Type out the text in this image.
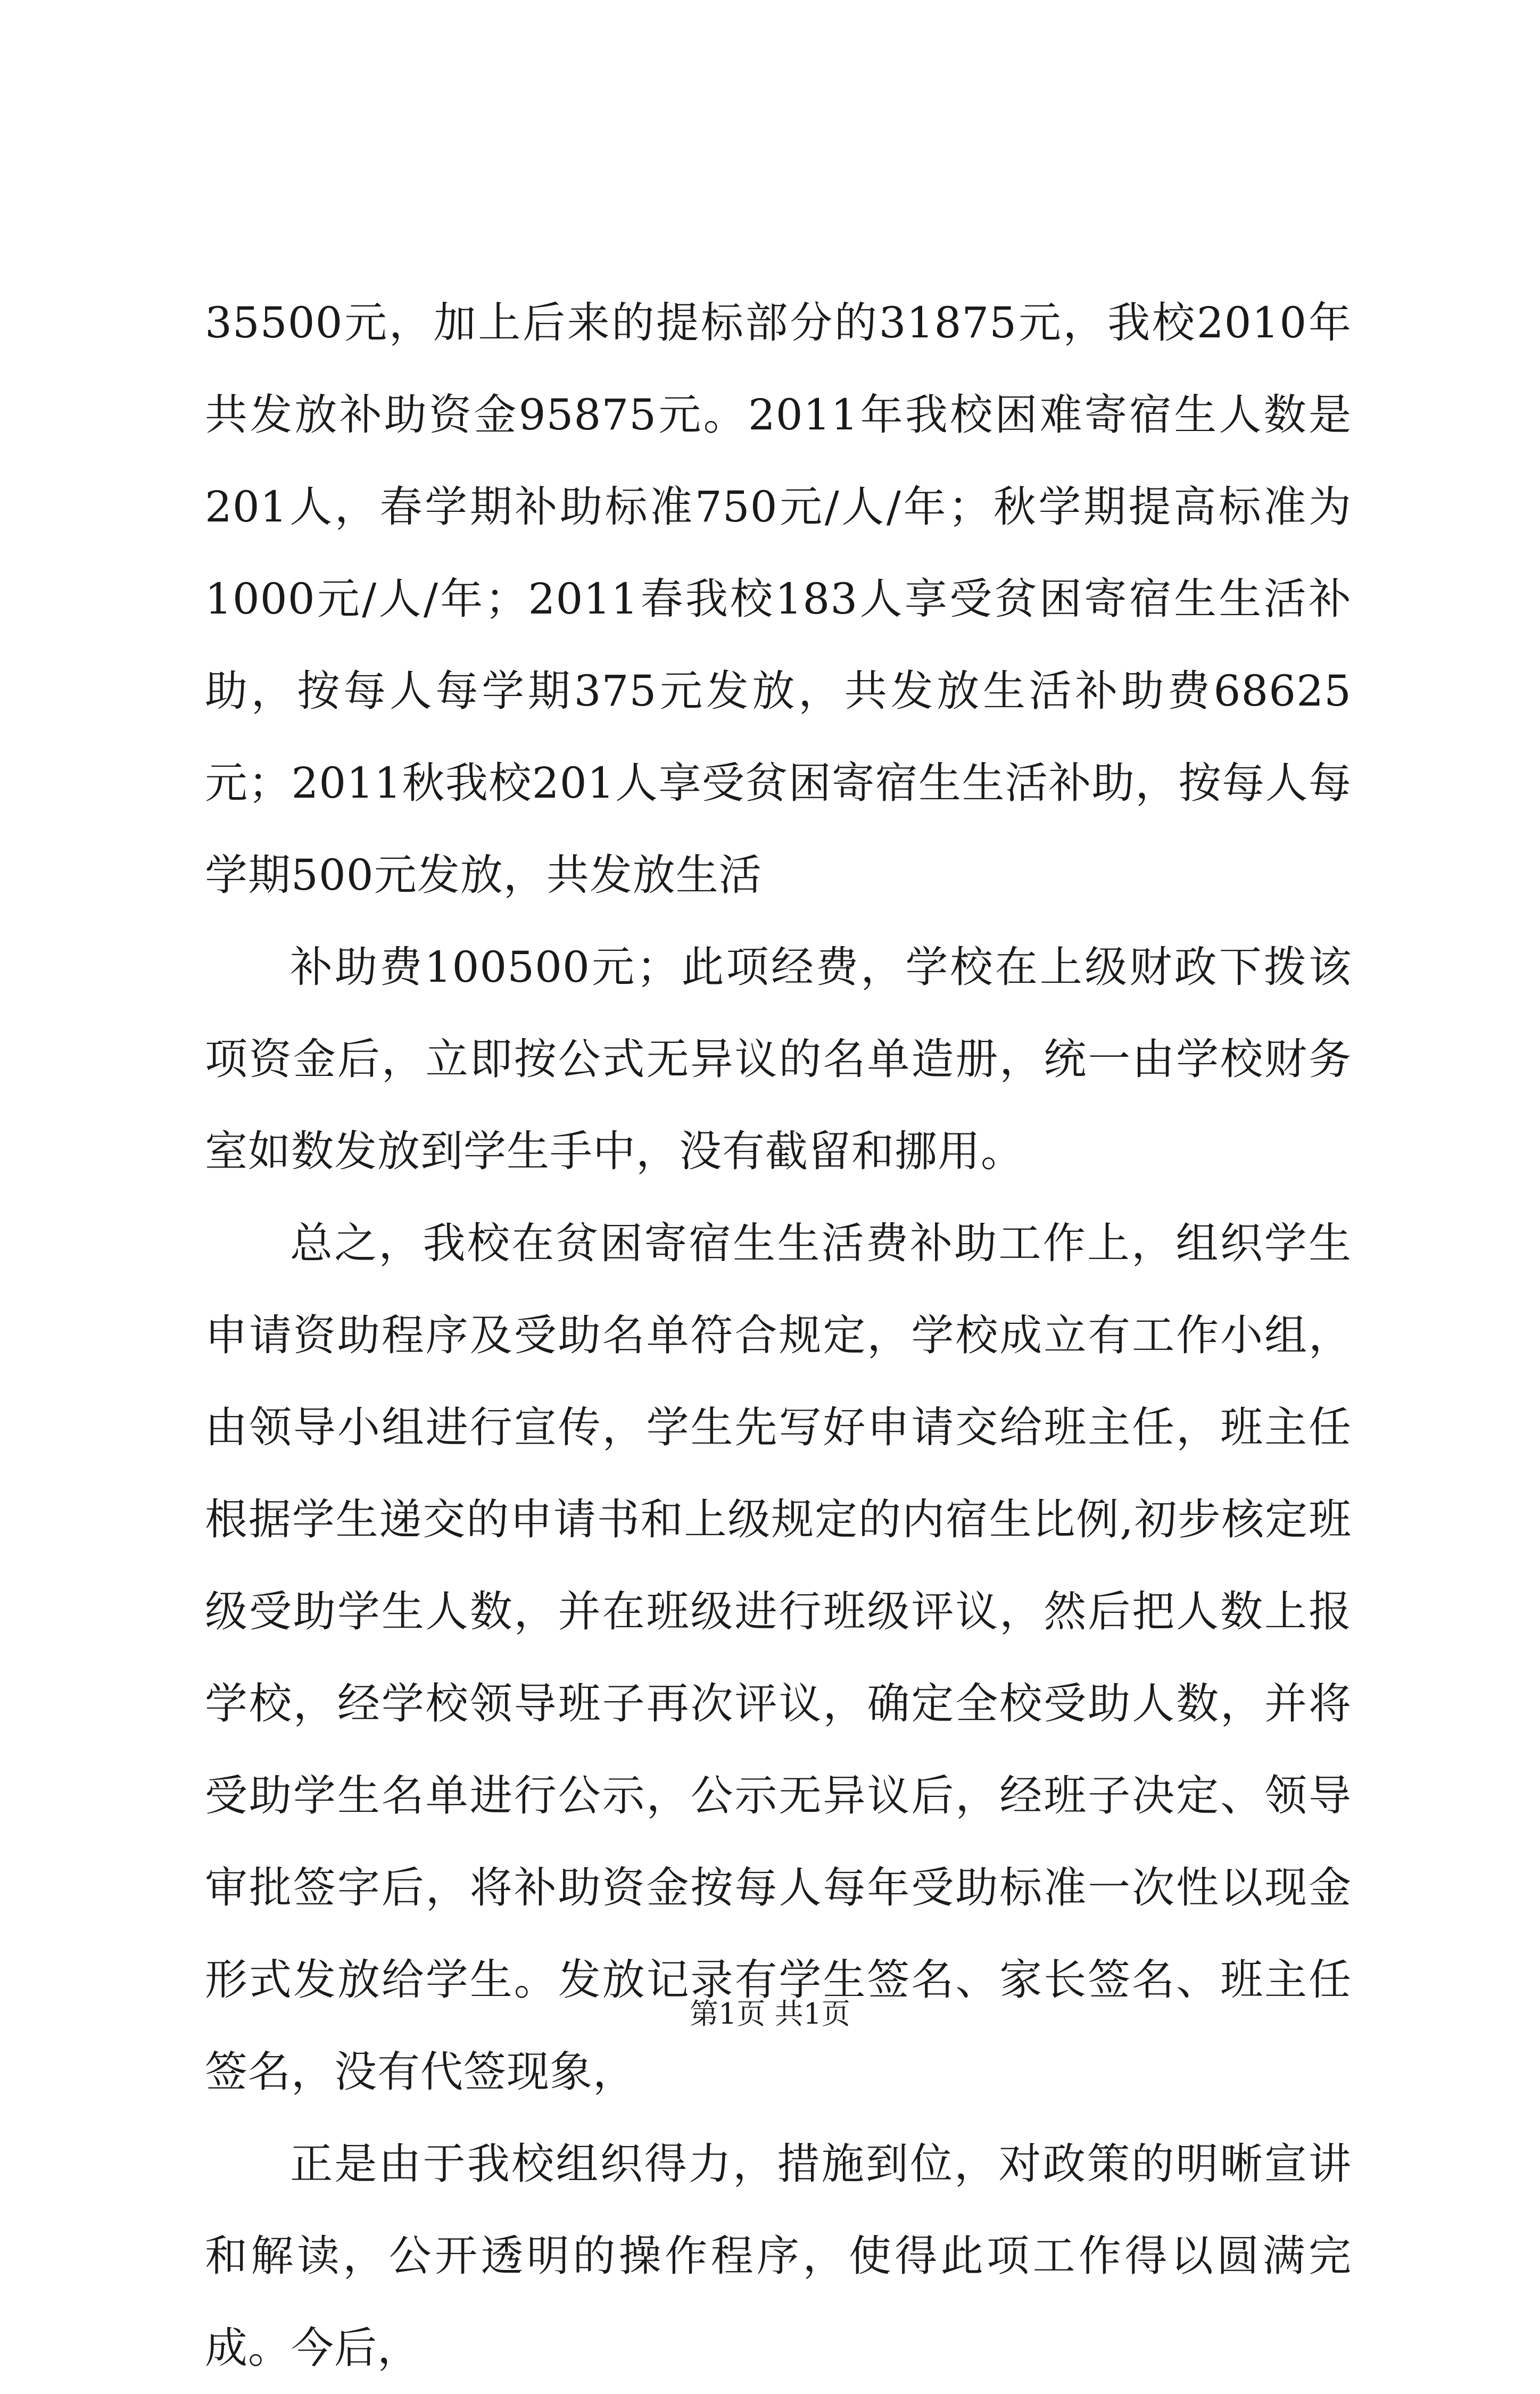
35500元，加上后来的提标部分的31875元，我校2010年共发放补助资金95875元。2011年我校困难寄宿生人数是201人，春学期补助标准750元/人/年；秋学期提高标准为1000元/人/年；2011春我校183人享受贫困寄宿生生活补助，按每人每学期375元发放，共发放生活补助费68625元；2011秋我校201人享受贫困寄宿生生活补助，按每人每学期500元发放，共发放生活

补助费100500元；此项经费，学校在上级财政下拨该项资金后，立即按公式无异议的名单造册，统一由学校财务室如数发放到学生手中，没有截留和挪用。

总之，我校在贫困寄宿生生活费补助工作上，组织学生申请资助程序及受助名单符合规定，学校成立有工作小组，由领导小组进行宣传，学生先写好申请交给班主任，班主任根据学生递交的申请书和上级规定的内宿生比例,初步核定班级受助学生人数，并在班级进行班级评议，然后把人数上报学校，经学校领导班子再次评议，确定全校受助人数，并将受助学生名单进行公示，公示无异议后，经班子决定、领导审批签字后，将补助资金按每人每年受助标准一次性以现金形式发放给学生。发放记录有学生签名、家长签名、班主任签名，没有代签现象，

正是由于我校组织得力，措施到位，对政策的明晰宣讲和解读，公开透明的操作程序，使得此项工作得以圆满完成。今后，

第1页 共1页
